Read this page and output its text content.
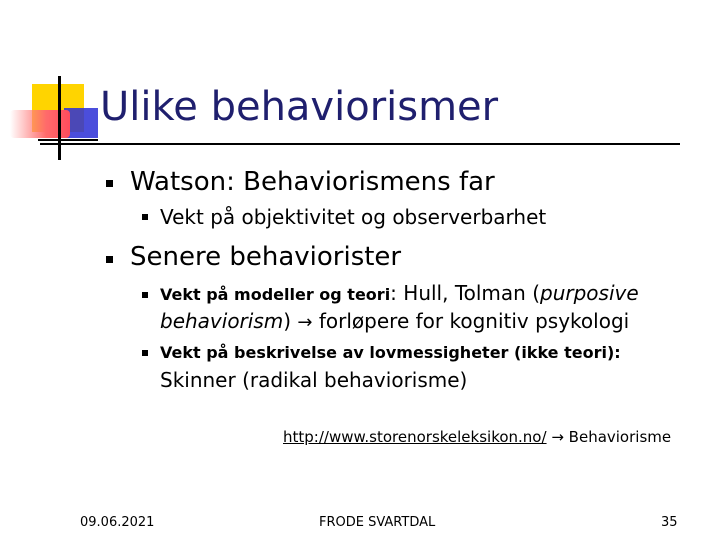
Ulike behaviorismer
Watson: Behaviorismens far
Vekt på objektivitet og observerbarhet
Senere behaviorister
Vekt på modeller og teori: Hull, Tolman (purposive
behaviorism) → forløpere for kognitiv psykologi
Vekt på beskrivelse av lovmessigheter (ikke teori):
Skinner (radikal behaviorisme)
http://www.storenorskeleksikon.no/ → Behaviorisme
09.06.2021	FRODE SVARTDAL	35
